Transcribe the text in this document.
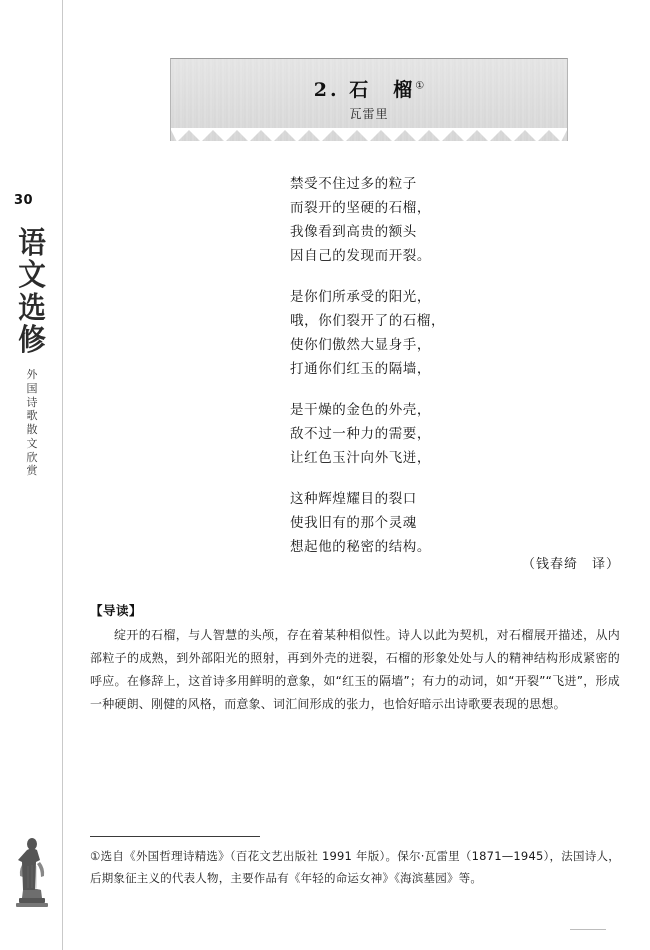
30
语
文
选
修
外
国
诗
歌
散
文
欣
赏
2. 石　榴①
瓦雷里
禁受不住过多的粒子
而裂开的坚硬的石榴，
我像看到高贵的额头
因自己的发现而开裂。
是你们所承受的阳光，
哦，你们裂开了的石榴，
使你们傲然大显身手，
打通你们红玉的隔墙，
是干燥的金色的外壳，
敌不过一种力的需要，
让红色玉汁向外飞迸，
这种辉煌耀目的裂口
使我旧有的那个灵魂
想起他的秘密的结构。
（钱春绮　译）
【导读】
绽开的石榴，与人智慧的头颅，存在着某种相似性。诗人以此为契机，对石榴展开描述，从内部粒子的成熟，到外部阳光的照射，再到外壳的迸裂，石榴的形象处处与人的精神结构形成紧密的呼应。在修辞上，这首诗多用鲜明的意象，如“红玉的隔墙”；有力的动词，如“开裂”“飞迸”，形成一种硬朗、刚健的风格，而意象、词汇间形成的张力，也恰好暗示出诗歌要表现的思想。
①选自《外国哲理诗精选》（百花文艺出版社 1991 年版）。保尔·瓦雷里（1871—1945），法国诗人，后期象征主义的代表人物，主要作品有《年轻的命运女神》《海滨墓园》等。
